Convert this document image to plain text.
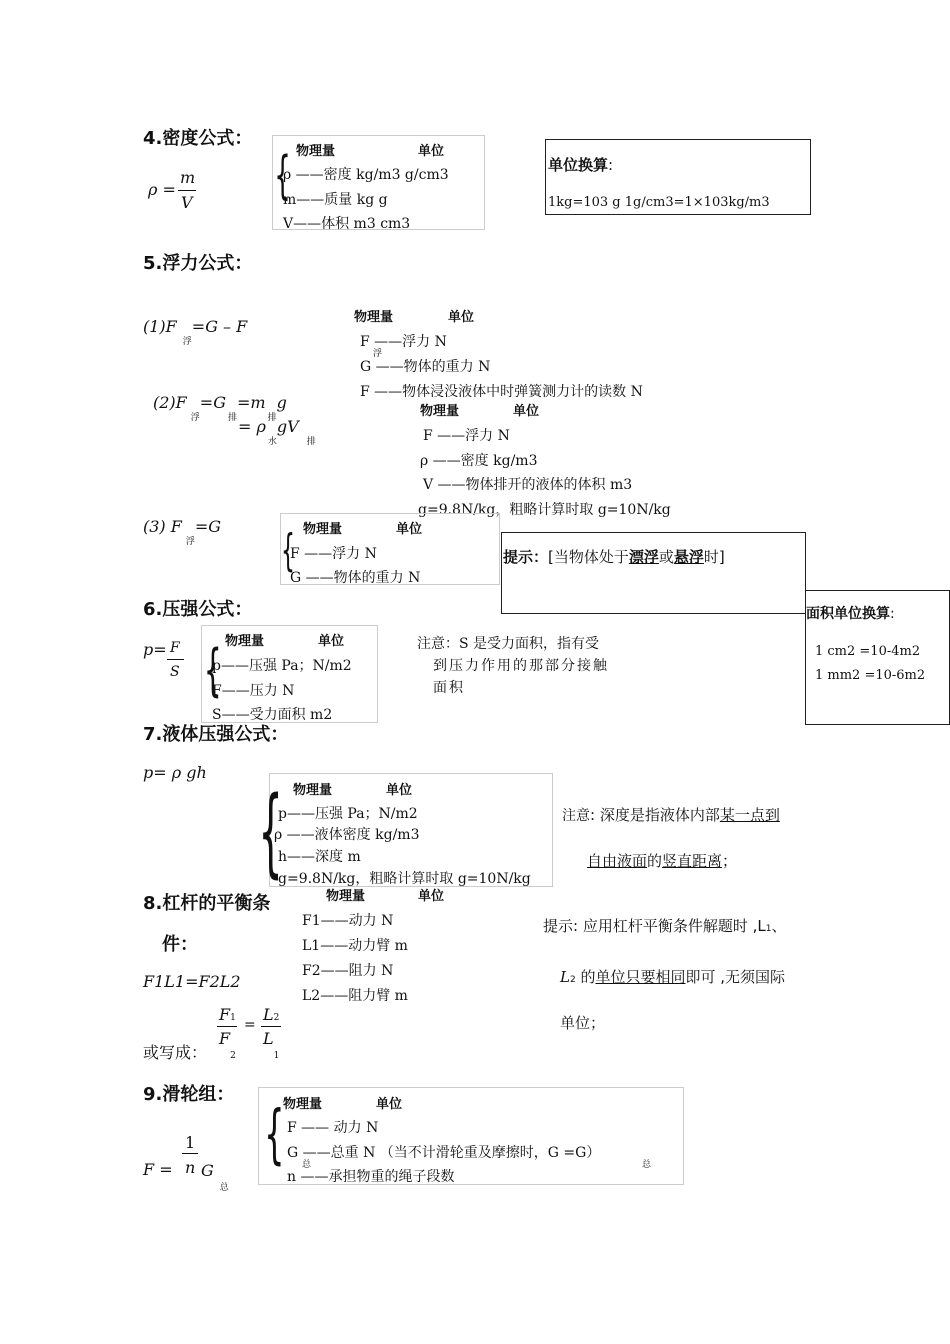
4.密度公式：
ρ =
m
V { 物理量	单位
ρ ——密度 kg/m3 g/cm3
m——质量 kg g
V——体积 m3 cm3
单位换算:
1kg=103 g 1g/cm3=1×103kg/m3
5.浮力公式：
$(1)F_浮=G - F$	物理量	单位
F ——浮力 N
浮
G ——物体的重力 N
F ——物体浸没液体中时弹簧测力计的读数 N
$(2)F_浮=G_排=m_排g$
= $\rho_水gV_排$
物理量	单位
F ——浮力 N
ρ ——密度 kg/m3
V ——物体排开的液体的体积 m3
g=9.8N/kg，粗略计算时取 g=10N/kg
(3) $F_浮=G$ { 物理量	单位
F ——浮力 N
G ——物体的重力 N
提示：[当物体处于漂浮或悬浮时]
6.压强公式：
p= F
S { 物理量	单位
p——压强 Pa；N/m2
F——压力 N
S——受力面积 m2
注意：S 是受力面积，指有受
到压力作用的那部分接触
面积
面积单位换算:
1 cm2 =10-4m2
1 mm2 =10-6m2
7.液体压强公式：
p= ρ gh
{ 物理量	单位
p——压强 Pa；N/m2
ρ ——液体密度 kg/m3
h——深度 m
g=9.8N/kg，粗略计算时取 g=10N/kg
注意: 深度是指液体内部某一点到
自由液面的竖直距离；
8.杠杆的平衡条
件：
物理量	单位
F1——动力 N
L1——动力臂 m
F2——阻力 N
L2——阻力臂 m
F1L1=F2L2
或写成：
F1
$F_2$
=
L2
$L_1$
提示: 应用杠杆平衡条件解题时 ,L1、
L2 的单位只要相同即可 ,无须国际
单位；
9.滑轮组：
F =
1
n $G_总$
{
物理量	单位
F —— 动力 N
G ——总重 N （当不计滑轮重及摩擦时，G =G）
总	总
n ——承担物重的绳子段数
